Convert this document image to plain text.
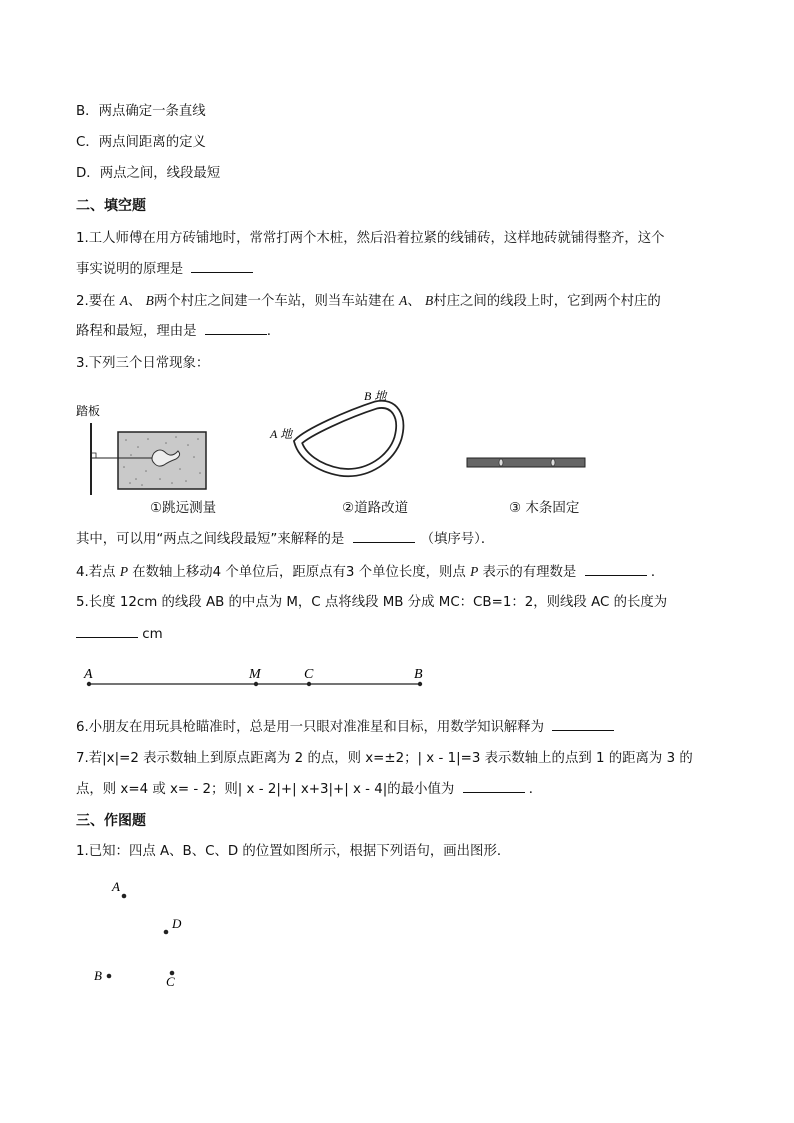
B．两点确定一条直线
C．两点间距离的定义
D．两点之间，线段最短
二、填空题
1.工人师傅在用方砖铺地时，常常打两个木桩，然后沿着拉紧的线铺砖，这样地砖就铺得整齐，这个
事实说明的原理是
2.要在 A、 B两个村庄之间建一个车站，则当车站建在 A、 B村庄之间的线段上时，它到两个村庄的
路程和最短，理由是	.
3.下列三个日常现象：
踏板
①跳远测量
B 地
A 地
②道路改道	③ 木条固定
其中，可以用“两点之间线段最短”来解释的是	（填序号）．
4.若点 P 在数轴上移动4 个单位后，距原点有3 个单位长度，则点 P 表示的有理数是	．
5.长度 12cm 的线段 AB 的中点为 M，C 点将线段 MB 分成 MC：CB=1：2，则线段 AC 的长度为
cm
A	M	C	B
6.小朋友在用玩具枪瞄准时，总是用一只眼对准准星和目标，用数学知识解释为
7.若|x|=2 表示数轴上到原点距离为 2 的点，则 x=±2；| x - 1|=3 表示数轴上的点到 1 的距离为 3 的
点，则 x=4 或 x= - 2；则| x - 2|+| x+3|+| x - 4|的最小值为	．
三、作图题
1.已知：四点 A、B、C、D 的位置如图所示，根据下列语句，画出图形．
A
D
B	C
